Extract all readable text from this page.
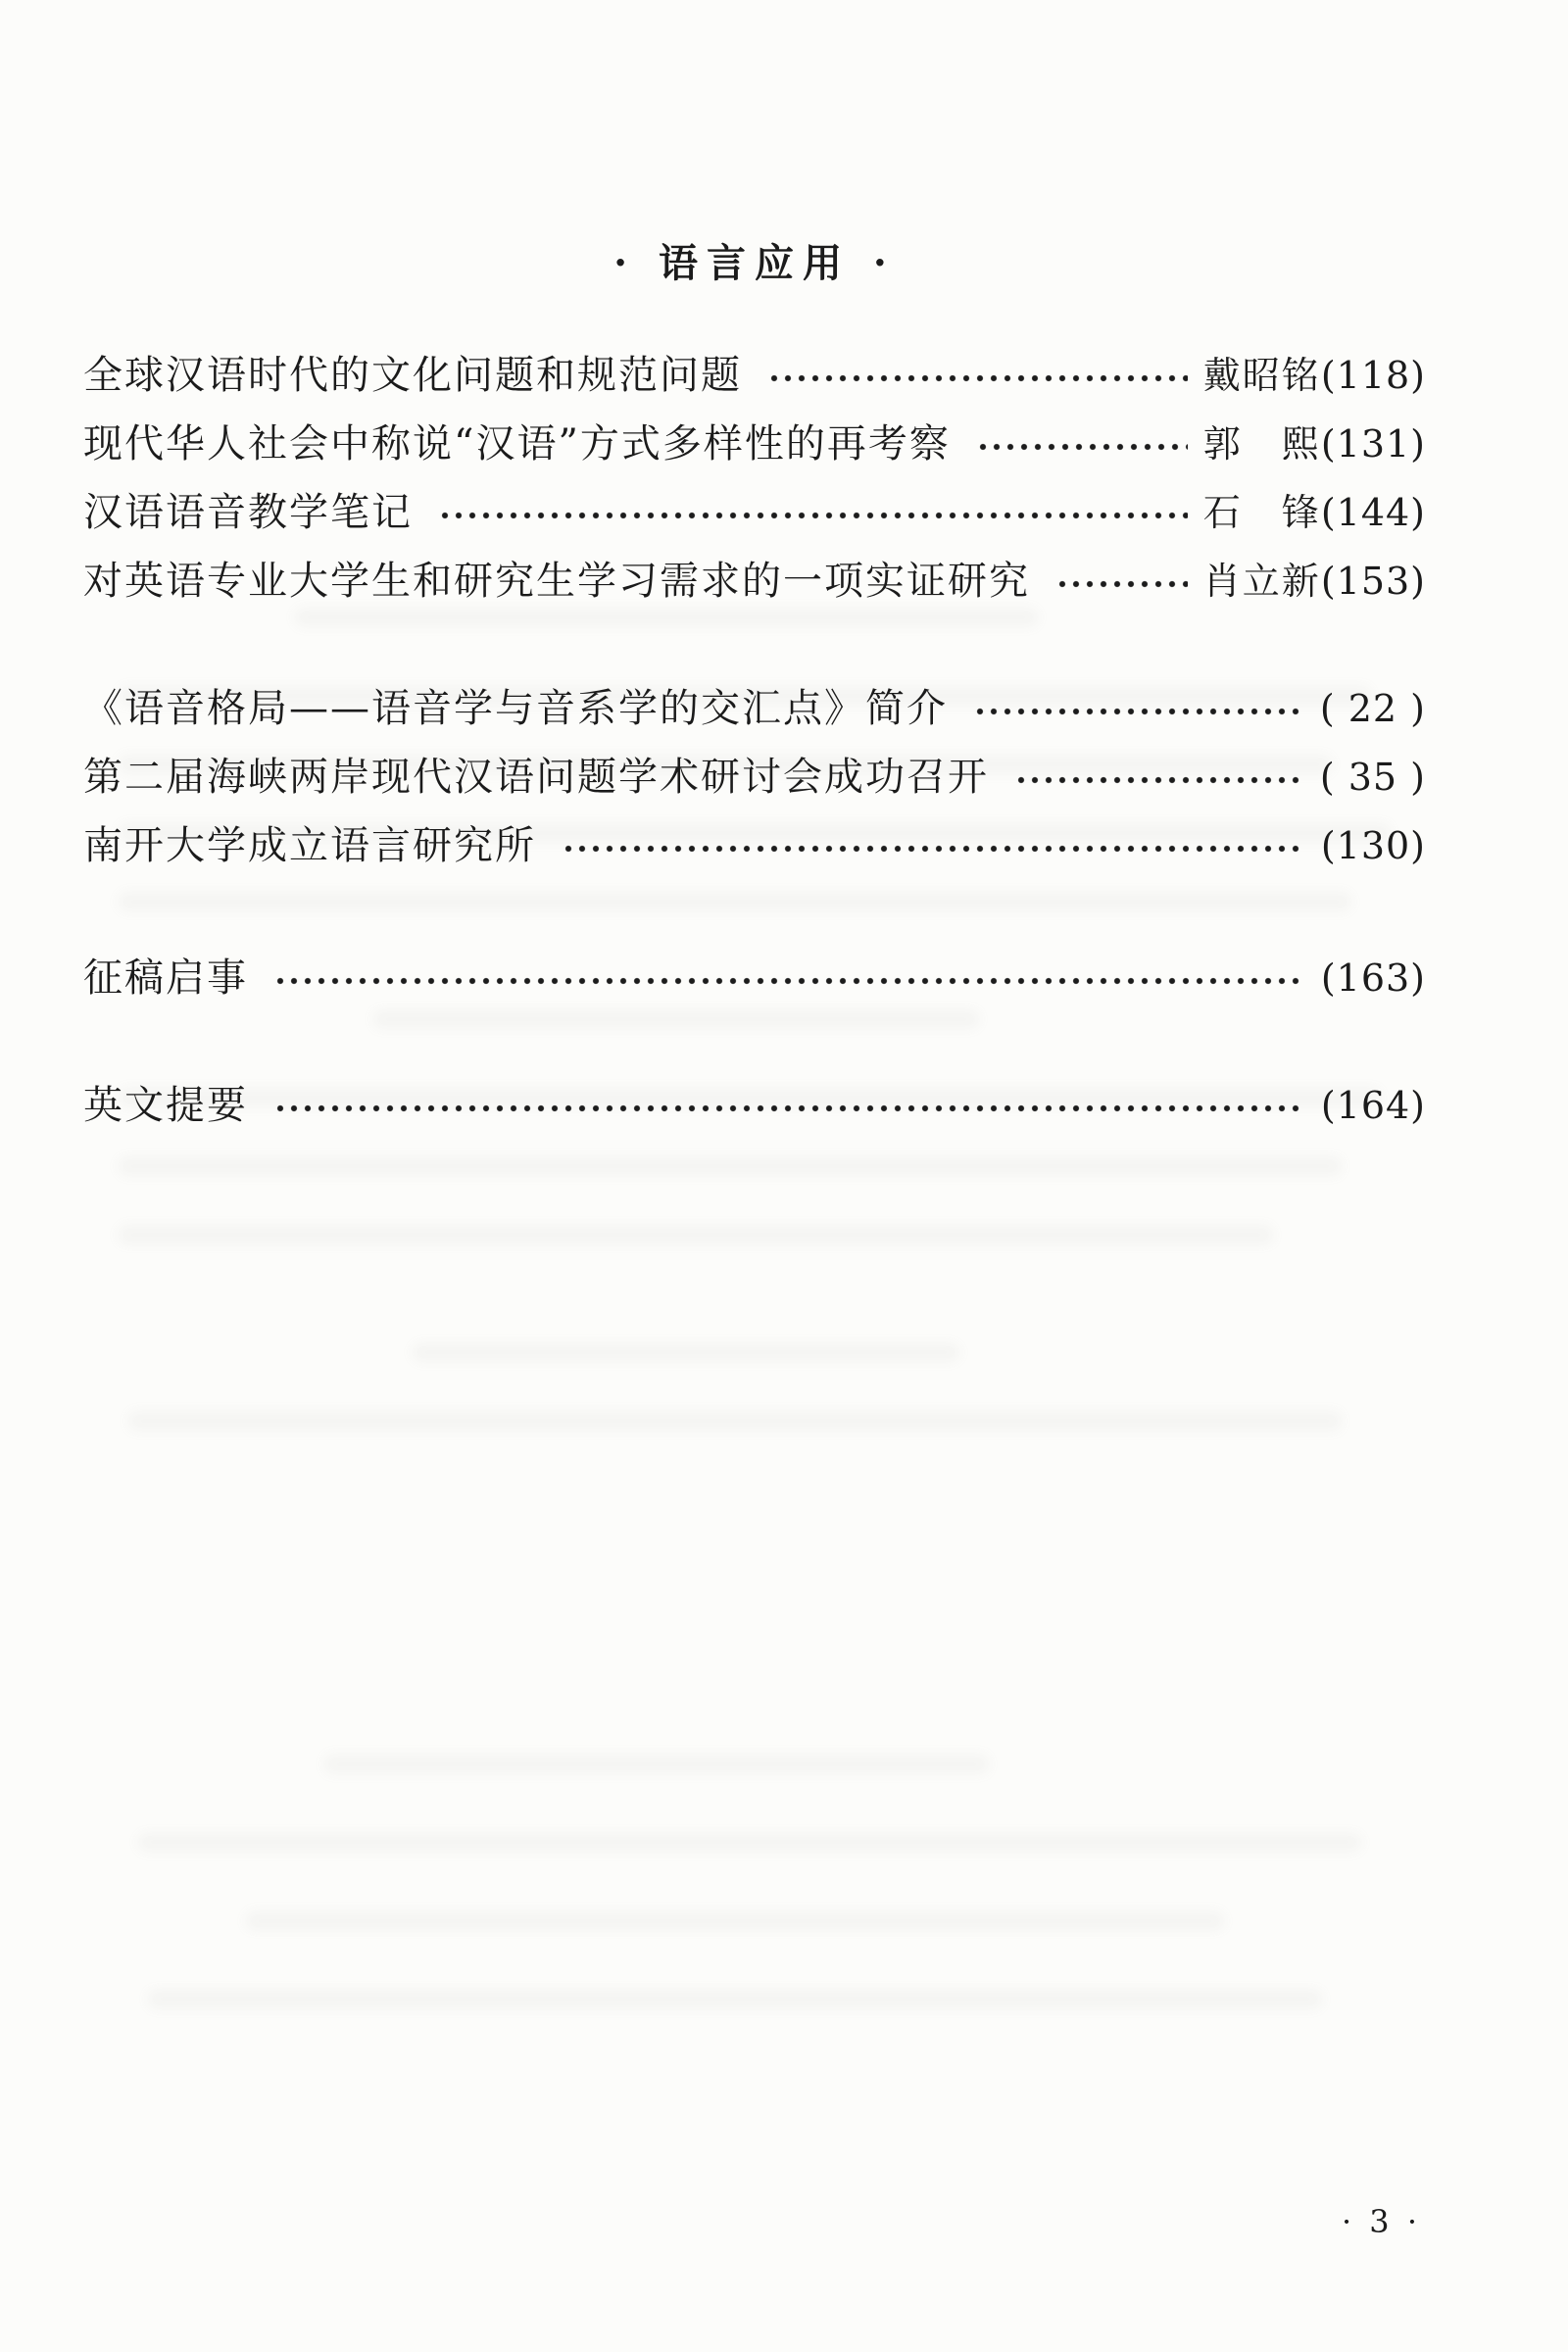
· 语言应用 ·
全球汉语时代的文化问题和规范问题	戴昭铭 (118)
现代华人社会中称说“汉语”方式多样性的再考察	郭　熙 (131)
汉语语音教学笔记	石　锋 (144)
对英语专业大学生和研究生学习需求的一项实证研究	肖立新 (153)
《语音格局——语音学与音系学的交汇点》简介	( 22 )
第二届海峡两岸现代汉语问题学术研讨会成功召开	( 35 )
南开大学成立语言研究所	(130)
征稿启事	(163)
英文提要	(164)
· 3 ·
